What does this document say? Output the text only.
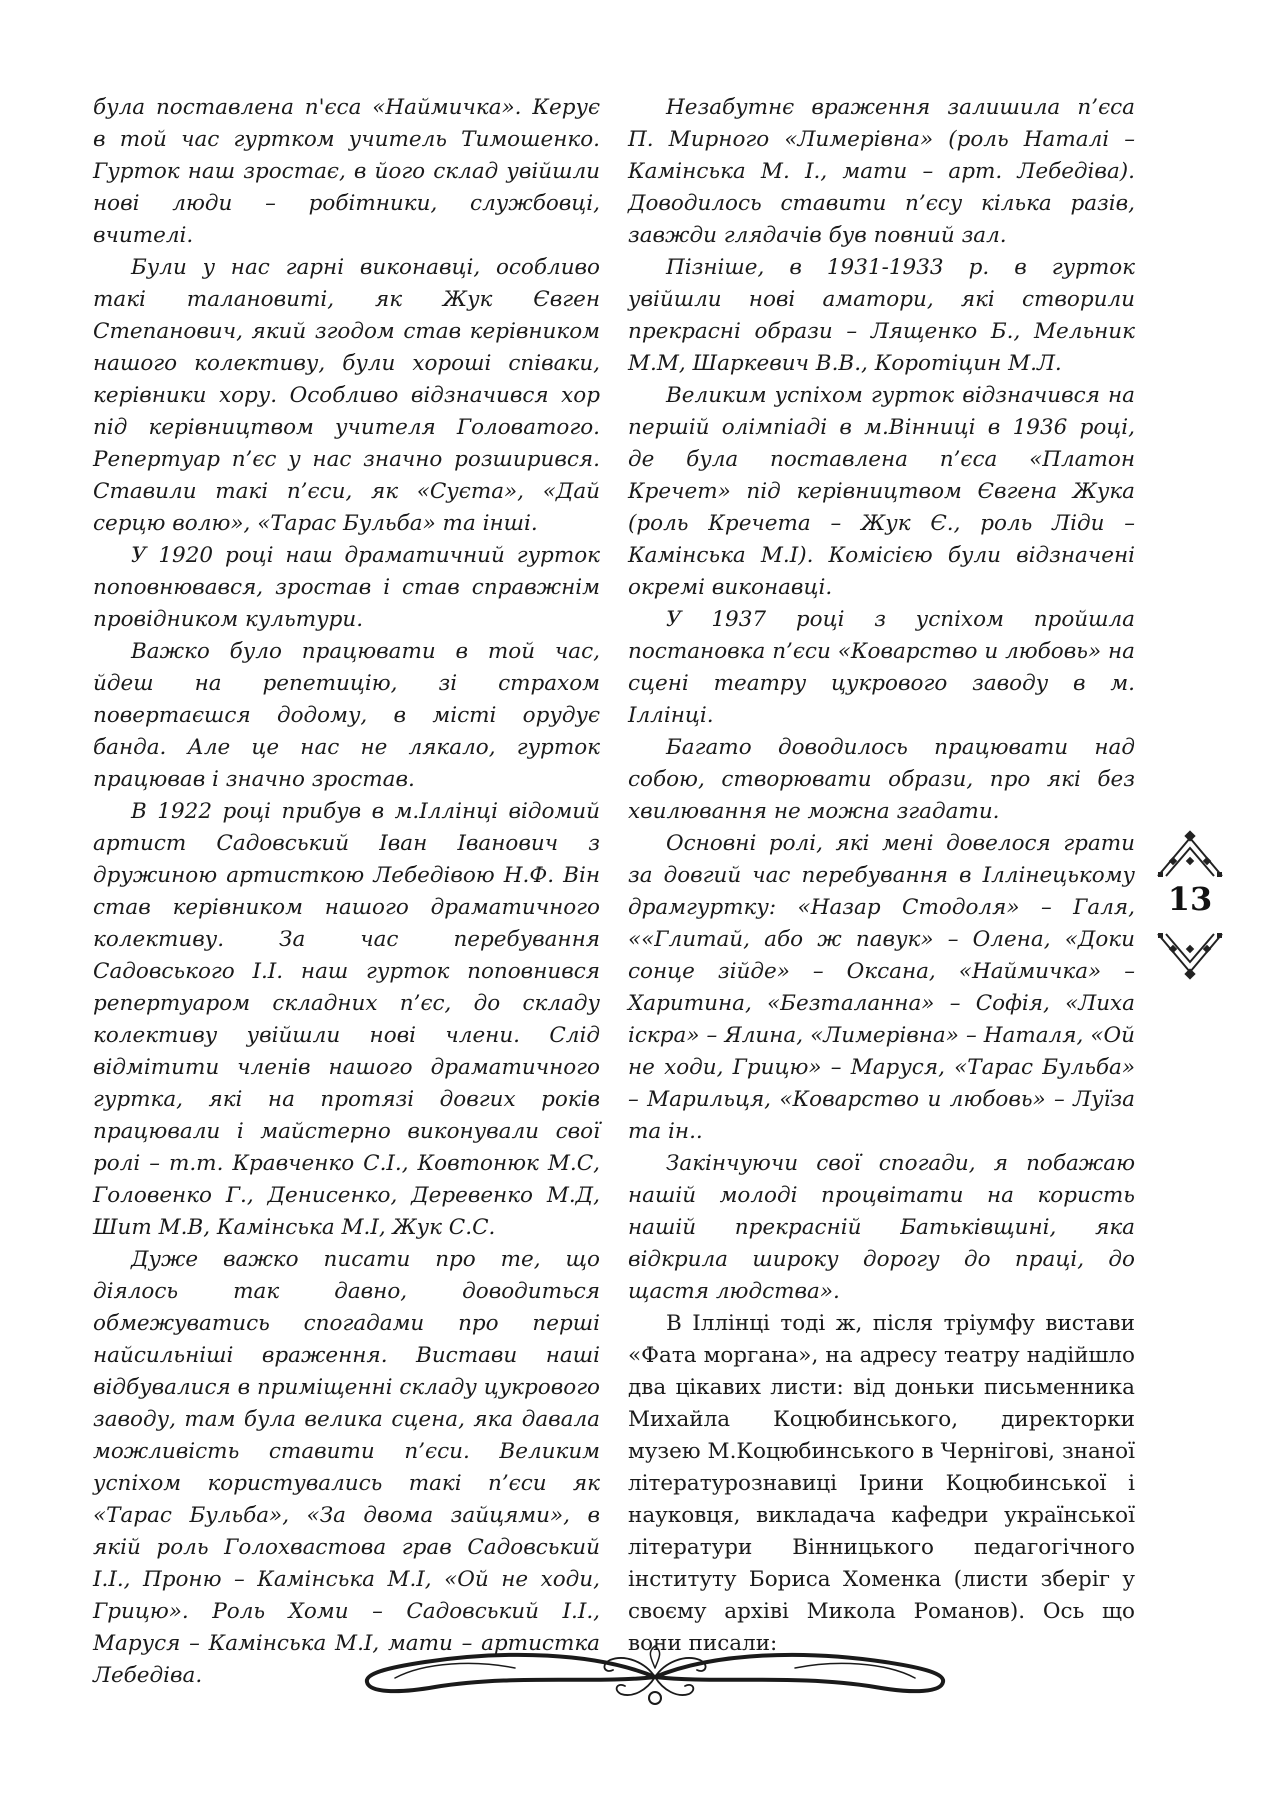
була поставлена п'єса «Наймичка». Керує в той час гуртком учитель Тимошенко. Гурток наш зростає, в його склад увійшли нові люди – робітники, службовці, вчителі.

Були у нас гарні виконавці, особливо такі талановиті, як Жук Євген Степанович, який згодом став керівником нашого колективу, були хороші співаки, керівники хору. Особливо відзначився хор під керівництвом учителя Головатого. Репертуар п’єс у нас значно розширився. Ставили такі п’єси, як «Суєта», «Дай серцю волю», «Тарас Бульба» та інші.

У 1920 році наш драматичний гурток поповнювався, зростав і став справжнім провідником культури.

Важко було працювати в той час, йдеш на репетицію, зі страхом повертаєшся додому, в місті орудує банда. Але це нас не лякало, гурток працював і значно зростав.

В 1922 році прибув в м.Іллінці відомий артист Садовський Іван Іванович з дружиною артисткою Лебедівою Н.Ф. Він став керівником нашого драматичного колективу. За час перебування Садовського І.І. наш гурток поповнився репертуаром складних п’єс, до складу колективу увійшли нові члени. Слід відмітити членів нашого драматичного гуртка, які на протязі довгих років працювали і майстерно виконували свої ролі – т.т. Кравченко С.І., Ковтонюк М.С, Головенко Г., Денисенко, Деревенко М.Д, Шит М.В, Камінська М.І, Жук С.С.

Дуже важко писати про те, що діялось так давно, доводиться обмежуватись спогадами про перші найсильніші враження. Вистави наші відбувалися в приміщенні складу цукрового заводу, там була велика сцена, яка давала можливість ставити п’єси. Великим успіхом користувались такі п’єси як «Тарас Бульба», «За двома зайцями», в якій роль Голохвастова грав Садовський І.І., Проню – Камінська М.І, «Ой не ходи, Грицю». Роль Хоми – Садовський І.І., Маруся – Камінська М.І, мати – артистка Лебедіва.

Незабутнє враження залишила п’єса П. Мирного «Лимерівна» (роль Наталі – Камінська М. І., мати – арт. Лебедіва). Доводилось ставити п’єсу кілька разів, завжди глядачів був повний зал.

Пізніше, в 1931-1933 р. в гурток увійшли нові аматори, які створили прекрасні образи – Лященко Б., Мельник М.М, Шаркевич В.В., Коротіцин М.Л.

Великим успіхом гурток відзначився на першій олімпіаді в м.Вінниці в 1936 році, де була поставлена п’єса «Платон Кречет» під керівництвом Євгена Жука (роль Кречета – Жук Є., роль Ліди – Камінська М.І). Комісією були відзначені окремі виконавці.

У 1937 році з успіхом пройшла постановка п’єси «Коварство и любовь» на сцені театру цукрового заводу в м. Іллінці.

Багато доводилось працювати над собою, створювати образи, про які без хвилювання не можна згадати.

Основні ролі, які мені довелося грати за довгий час перебування в Іллінецькому драмгуртку: «Назар Стодоля» – Галя, ««Глитай, або ж павук» – Олена, «Доки сонце зійде» – Оксана, «Наймичка» – Харитина, «Безталанна» – Софія, «Лиха іскра» – Ялина, «Лимерівна» – Наталя, «Ой не ходи, Грицю» – Маруся, «Тарас Бульба» – Марильця, «Коварство и любовь» – Луїза та ін..

Закінчуючи свої спогади, я побажаю нашій молоді процвітати на користь нашій прекрасній Батьківщині, яка відкрила широку дорогу до праці, до щастя людства».

В Іллінці тоді ж, після тріумфу вистави «Фата моргана», на адресу театру надійшло два цікавих листи: від доньки письменника Михайла Коцюбинського, директорки музею М.Коцюбинського в Чернігові, знаної літературознавиці Ірини Коцюбинської і науковця, викладача кафедри української літератури Вінницького педагогічного інституту Бориса Хоменка (листи зберіг у своєму архіві Микола Романов). Ось що вони писали:

13
